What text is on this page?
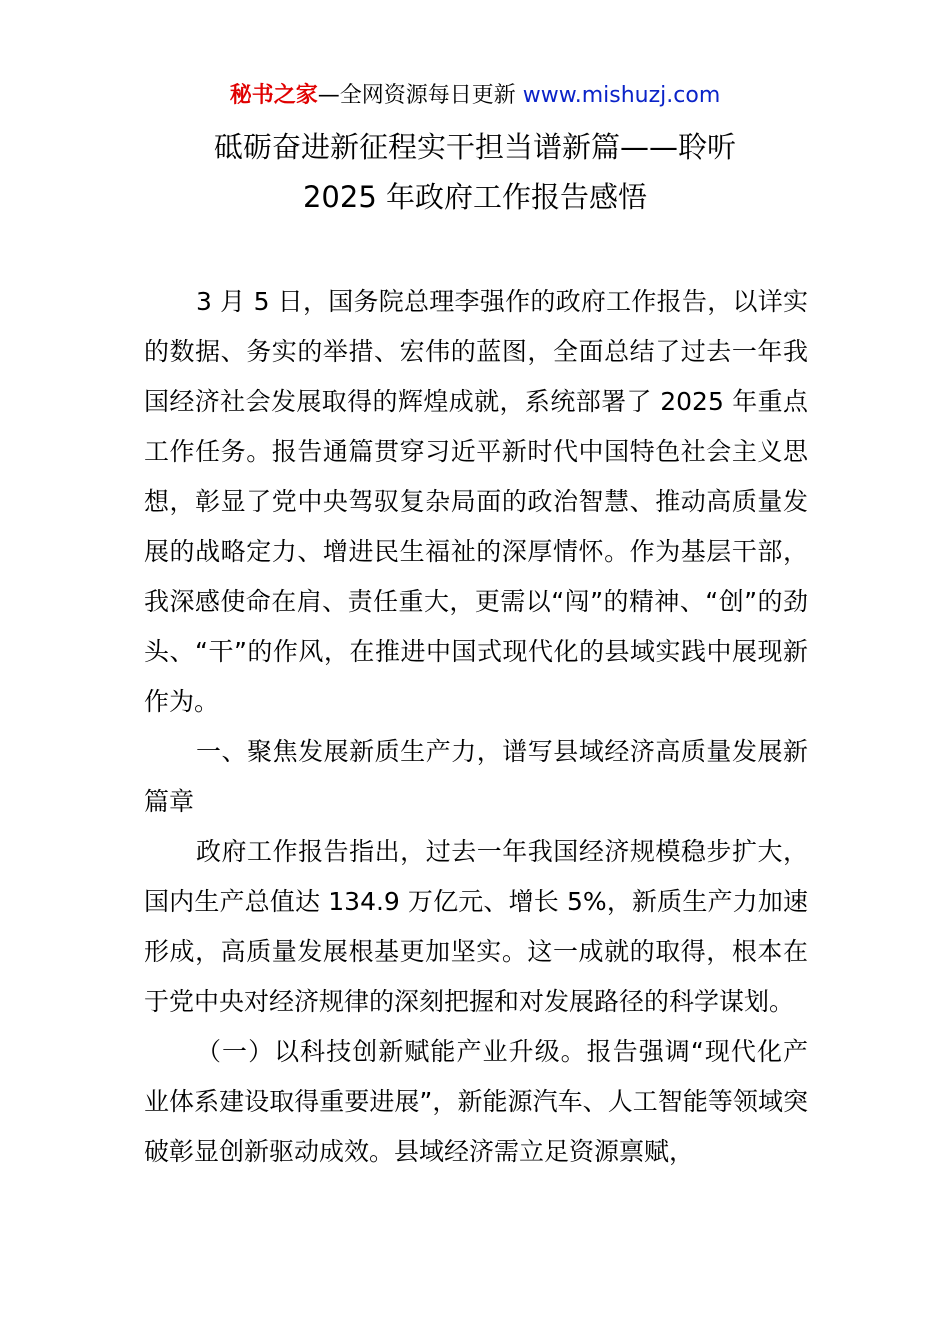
秘书之家—全网资源每日更新 www.mishuzj.com
砥砺奋进新征程实干担当谱新篇——聆听
2025 年政府工作报告感悟

3 月 5 日，国务院总理李强作的政府工作报告，以详实的数据、务实的举措、宏伟的蓝图，全面总结了过去一年我国经济社会发展取得的辉煌成就，系统部署了 2025 年重点工作任务。报告通篇贯穿习近平新时代中国特色社会主义思想，彰显了党中央驾驭复杂局面的政治智慧、推动高质量发展的战略定力、增进民生福祉的深厚情怀。作为基层干部，我深感使命在肩、责任重大，更需以“闯”的精神、“创”的劲头、“干”的作风，在推进中国式现代化的县域实践中展现新作为。

一、聚焦发展新质生产力，谱写县域经济高质量发展新篇章

政府工作报告指出，过去一年我国经济规模稳步扩大，国内生产总值达 134.9 万亿元、增长 5%，新质生产力加速形成，高质量发展根基更加坚实。这一成就的取得，根本在于党中央对经济规律的深刻把握和对发展路径的科学谋划。

（一）以科技创新赋能产业升级。报告强调“现代化产业体系建设取得重要进展”，新能源汽车、人工智能等领域突破彰显创新驱动成效。县域经济需立足资源禀赋，
